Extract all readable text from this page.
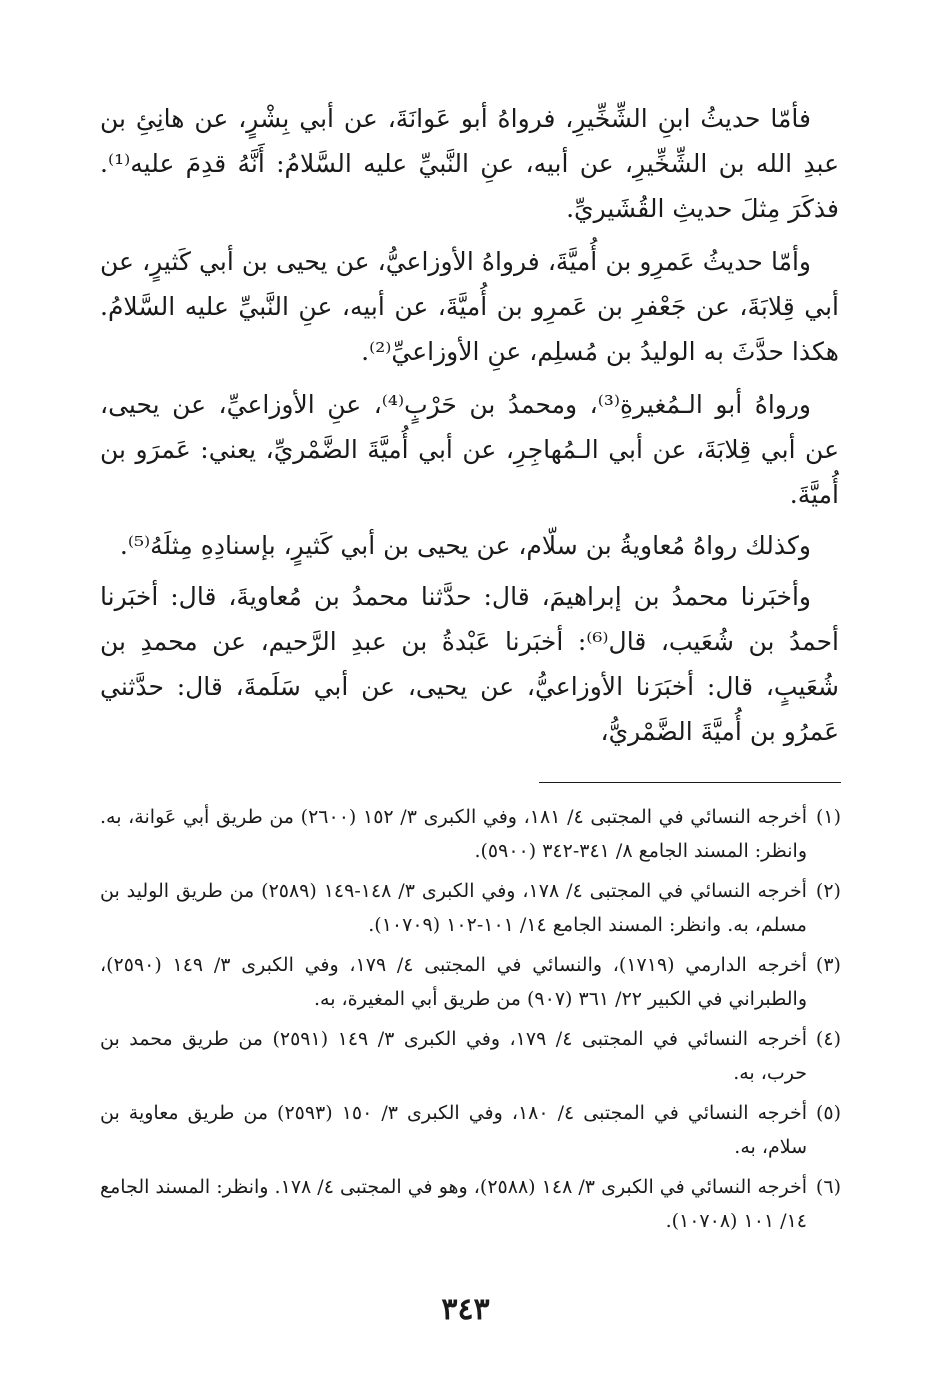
فأمّا حديثُ ابنِ الشِّخِّيرِ، فرواهُ أبو عَوانَةَ، عن أبي بِشْرٍ، عن هانِئِ بن عبدِ الله بن الشِّخِّيرِ، عن أبيه، عنِ النَّبيِّ عليه السَّلامُ: أَنَّهُ قدِمَ عليه⁽¹⁾. فذكَرَ مِثلَ حديثِ القُشَيريِّ.

وأمّا حديثُ عَمرِو بن أُميَّةَ، فرواهُ الأوزاعيُّ، عن يحيى بن أبي كَثيرٍ، عن أبي قِلابَةَ، عن جَعْفرِ بن عَمرِو بن أُميَّةَ، عن أبيه، عنِ النَّبيِّ عليه السَّلامُ. هكذا حدَّثَ به الوليدُ بن مُسلِم، عنِ الأوزاعيِّ⁽²⁾.

ورواهُ أبو الـمُغيرةِ⁽³⁾، ومحمدُ بن حَرْبٍ⁽⁴⁾، عنِ الأوزاعيِّ، عن يحيى، عن أبي قِلابَةَ، عن أبي الـمُهاجِرِ، عن أبي أُميَّةَ الضَّمْريِّ، يعني: عَمرَو بن أُميَّةَ.

وكذلك رواهُ مُعاويةُ بن سلّام، عن يحيى بن أبي كَثيرٍ، بإسنادِهِ مِثلَهُ⁽⁵⁾.

وأخبَرنا محمدُ بن إبراهيمَ، قال: حدَّثنا محمدُ بن مُعاويةَ، قال: أخبَرنا أحمدُ بن شُعَيب، قال⁽⁶⁾: أخبَرنا عَبْدةُ بن عبدِ الرَّحيم، عن محمدِ بن شُعَيبٍ، قال: أخبَرَنا الأوزاعيُّ، عن يحيى، عن أبي سَلَمةَ، قال: حدَّثني عَمرُو بن أُميَّةَ الضَّمْريُّ،

(١)أخرجه النسائي في المجتبى ٤/ ١٨١، وفي الكبرى ٣/ ١٥٢ (٢٦٠٠) من طريق أبي عَوانة، به. وانظر: المسند الجامع ٨/ ٣٤١-٣٤٢ (٥٩٠٠).

(٢)أخرجه النسائي في المجتبى ٤/ ١٧٨، وفي الكبرى ٣/ ١٤٨-١٤٩ (٢٥٨٩) من طريق الوليد بن مسلم، به. وانظر: المسند الجامع ١٤/ ١٠١-١٠٢ (١٠٧٠٩).

(٣)أخرجه الدارمي (١٧١٩)، والنسائي في المجتبى ٤/ ١٧٩، وفي الكبرى ٣/ ١٤٩ (٢٥٩٠)، والطبراني في الكبير ٢٢/ ٣٦١ (٩٠٧) من طريق أبي المغيرة، به.

(٤)أخرجه النسائي في المجتبى ٤/ ١٧٩، وفي الكبرى ٣/ ١٤٩ (٢٥٩١) من طريق محمد بن حرب، به.

(٥)أخرجه النسائي في المجتبى ٤/ ١٨٠، وفي الكبرى ٣/ ١٥٠ (٢٥٩٣) من طريق معاوية بن سلام، به.

(٦)أخرجه النسائي في الكبرى ٣/ ١٤٨ (٢٥٨٨)، وهو في المجتبى ٤/ ١٧٨. وانظر: المسند الجامع ١٤/ ١٠١ (١٠٧٠٨).

٣٤٣
